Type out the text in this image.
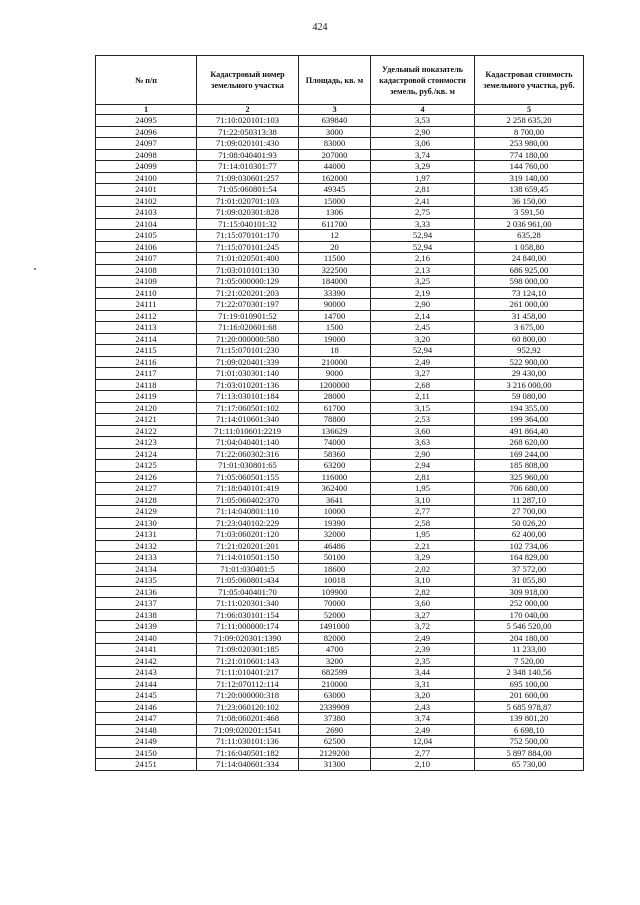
424
№ п/п	Кадастровый номер земельного участка	Площадь, кв. м	Удельный показатель кадастровой стоимости земель, руб./кв. м	Кадастровая стоимость земельного участка, руб.
1	2	3	4	5
24095	71:10:020101:103	639840	3,53	2 258 635,20
24096	71:22:050313:38	3000	2,90	8 700,00
24097	71:09:020101:430	83000	3,06	253 980,00
24098	71:08:040401:93	207000	3,74	774 180,00
24099	71:14:010301:77	44000	3,29	144 760,00
24100	71:09:030601:257	162000	1,97	319 140,00
24101	71:05:060801:54	49345	2,81	138 659,45
24102	71:01:020701:103	15000	2,41	36 150,00
24103	71:09:020301:828	1306	2,75	3 591,50
24104	71:15:040101:32	611700	3,33	2 036 961,00
24105	71:15:070101:170	12	52,94	635,28
24106	71:15:070101:245	20	52,94	1 058,80
24107	71:01:020501:400	11500	2,16	24 840,00
24108	71:03:010101:130	322500	2,13	686 925,00
24109	71:05:000000:129	184000	3,25	598 000,00
24110	71:21:020201:203	33390	2,19	73 124,10
24111	71:22:070301:197	90000	2,90	261 000,00
24112	71:19:010901:52	14700	2,14	31 458,00
24113	71:16:020601:68	1500	2,45	3 675,00
24114	71:20:000000:580	19000	3,20	60 800,00
24115	71:15:070101:230	18	52,94	952,92
24116	71:09:020401:339	210000	2,49	522 900,00
24117	71:01:030301:140	9000	3,27	29 430,00
24118	71:03:010201:136	1200000	2,68	3 216 000,00
24119	71:13:030101:184	28000	2,11	59 080,00
24120	71:17:060501:102	61700	3,15	194 355,00
24121	71:14:010601:340	78800	2,53	199 364,00
24122	71:11:010601:2219	136629	3,60	491 864,40
24123	71:04:040401:140	74000	3,63	268 620,00
24124	71:22:060302:316	58360	2,90	169 244,00
24125	71:01:030801:65	63200	2,94	185 808,00
24126	71:05:060501:155	116000	2,81	325 960,00
24127	71:18:040101:419	362400	1,95	706 680,00
24128	71:05:060402:370	3641	3,10	11 287,10
24129	71:14:040801:110	10000	2,77	27 700,00
24130	71:23:040102:229	19390	2,58	50 026,20
24131	71:03:060201:120	32000	1,95	62 400,00
24132	71:21:020201:201	46486	2,21	102 734,06
24133	71:14:010501:150	50100	3,29	164 829,00
24134	71:01:030401:5	18600	2,02	37 572,00
24135	71:05:060801:434	10018	3,10	31 055,80
24136	71:05:040401:70	109900	2,82	309 918,00
24137	71:11:020301:340	70000	3,60	252 000,00
24138	71:06:030101:154	52000	3,27	170 040,00
24139	71:11:000000:174	1491000	3,72	5 546 520,00
24140	71:09:020301:1390	82000	2,49	204 180,00
24141	71:09:020301:185	4700	2,39	11 233,00
24142	71:21:010601:143	3200	2,35	7 520,00
24143	71:11:010401:217	682599	3,44	2 348 140,56
24144	71:12:070112:114	210000	3,31	695 100,00
24145	71:20:000000:318	63000	3,20	201 600,00
24146	71:23:060120:102	2339909	2,43	5 685 978,87
24147	71:08:060201:468	37380	3,74	139 801,20
24148	71:09:020201:1541	2690	2,49	6 698,10
24149	71:11:030101:136	62500	12,04	752 500,00
24150	71:16:040501:182	2129200	2,77	5 897 884,00
24151	71:14:040601:334	31300	2,10	65 730,00
